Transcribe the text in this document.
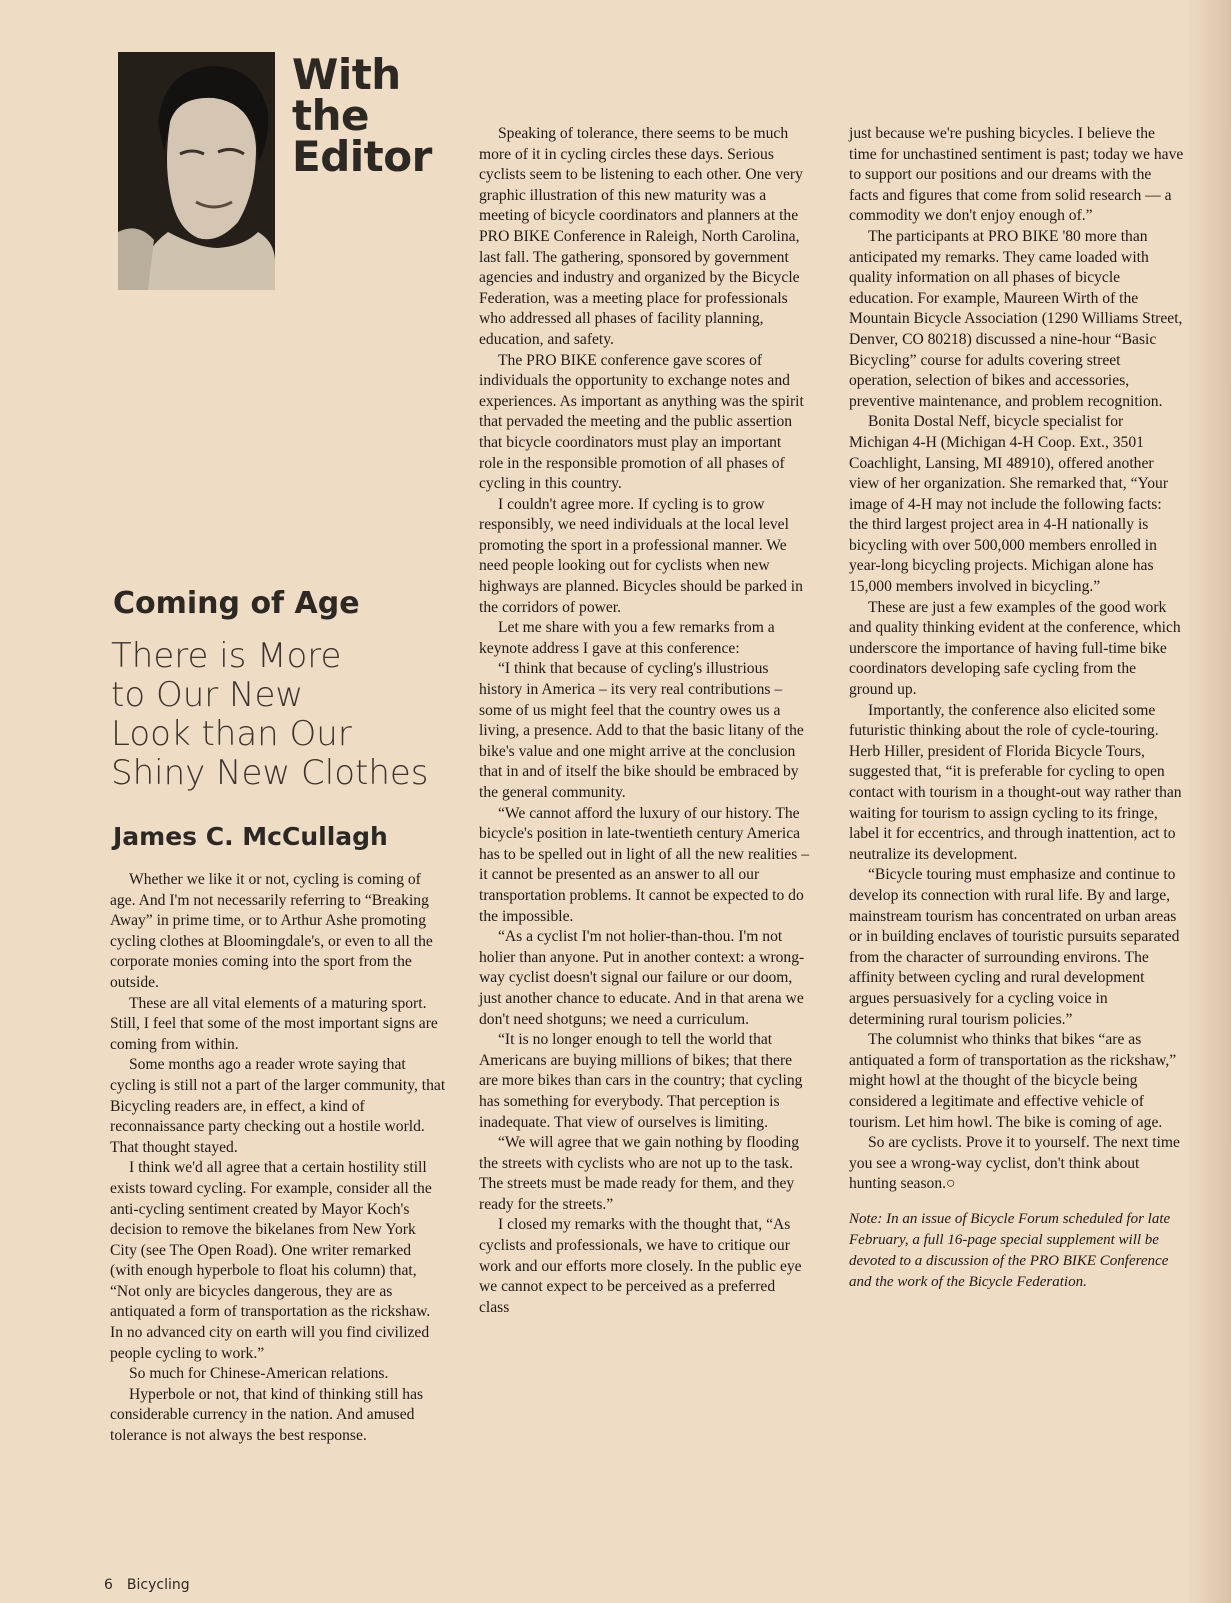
With
the
Editor
Coming of Age
There is More
to Our New
Look than Our
Shiny New Clothes
James C. McCullagh

Whether we like it or not, cycling is coming of age. And I'm not necessarily referring to “Breaking Away” in prime time, or to Arthur Ashe promoting cycling clothes at Bloomingdale's, or even to all the corporate monies coming into the sport from the outside.

These are all vital elements of a maturing sport. Still, I feel that some of the most important signs are coming from within.

Some months ago a reader wrote saying that cycling is still not a part of the larger community, that Bicycling readers are, in effect, a kind of reconnaissance party checking out a hostile world. That thought stayed.

I think we'd all agree that a certain hostility still exists toward cycling. For example, consider all the anti-cycling sentiment created by Mayor Koch's decision to remove the bikelanes from New York City (see The Open Road). One writer remarked (with enough hyperbole to float his column) that, “Not only are bicycles dangerous, they are as antiquated a form of transportation as the rickshaw. In no advanced city on earth will you find civilized people cycling to work.”

So much for Chinese-American relations.

Hyperbole or not, that kind of thinking still has considerable currency in the nation. And amused tolerance is not always the best response.

Speaking of tolerance, there seems to be much more of it in cycling circles these days. Serious cyclists seem to be listening to each other. One very graphic illustration of this new maturity was a meeting of bicycle coordinators and planners at the PRO BIKE Conference in Raleigh, North Carolina, last fall. The gathering, sponsored by government agencies and industry and organized by the Bicycle Federation, was a meeting place for professionals who addressed all phases of facility planning, education, and safety.

The PRO BIKE conference gave scores of individuals the opportunity to exchange notes and experiences. As important as anything was the spirit that pervaded the meeting and the public assertion that bicycle coordinators must play an important role in the responsible promotion of all phases of cycling in this country.

I couldn't agree more. If cycling is to grow responsibly, we need individuals at the local level promoting the sport in a professional manner. We need people looking out for cyclists when new highways are planned. Bicycles should be parked in the corridors of power.

Let me share with you a few remarks from a keynote address I gave at this conference:

“I think that because of cycling's illustrious history in America – its very real contributions – some of us might feel that the country owes us a living, a presence. Add to that the basic litany of the bike's value and one might arrive at the conclusion that in and of itself the bike should be embraced by the general community.

“We cannot afford the luxury of our history. The bicycle's position in late-twentieth century America has to be spelled out in light of all the new realities – it cannot be presented as an answer to all our transportation problems. It cannot be expected to do the impossible.

“As a cyclist I'm not holier-than-thou. I'm not holier than anyone. Put in another context: a wrong-way cyclist doesn't signal our failure or our doom, just another chance to educate. And in that arena we don't need shotguns; we need a curriculum.

“It is no longer enough to tell the world that Americans are buying millions of bikes; that there are more bikes than cars in the country; that cycling has something for everybody. That perception is inadequate. That view of ourselves is limiting.

“We will agree that we gain nothing by flooding the streets with cyclists who are not up to the task. The streets must be made ready for them, and they ready for the streets.”

I closed my remarks with the thought that, “As cyclists and professionals, we have to critique our work and our efforts more closely. In the public eye we cannot expect to be perceived as a preferred class

just because we're pushing bicycles. I believe the time for unchastined sentiment is past; today we have to support our positions and our dreams with the facts and figures that come from solid research — a commodity we don't enjoy enough of.”

The participants at PRO BIKE '80 more than anticipated my remarks. They came loaded with quality information on all phases of bicycle education. For example, Maureen Wirth of the Mountain Bicycle Association (1290 Williams Street, Denver, CO 80218) discussed a nine-hour “Basic Bicycling” course for adults covering street operation, selection of bikes and accessories, preventive maintenance, and problem recognition.

Bonita Dostal Neff, bicycle specialist for Michigan 4-H (Michigan 4-H Coop. Ext., 3501 Coachlight, Lansing, MI 48910), offered another view of her organization. She remarked that, “Your image of 4-H may not include the following facts: the third largest project area in 4-H nationally is bicycling with over 500,000 members enrolled in year-long bicycling projects. Michigan alone has 15,000 members involved in bicycling.”

These are just a few examples of the good work and quality thinking evident at the conference, which underscore the importance of having full-time bike coordinators developing safe cycling from the ground up.

Importantly, the conference also elicited some futuristic thinking about the role of cycle-touring. Herb Hiller, president of Florida Bicycle Tours, suggested that, “it is preferable for cycling to open contact with tourism in a thought-out way rather than waiting for tourism to assign cycling to its fringe, label it for eccentrics, and through inattention, act to neutralize its development.

“Bicycle touring must emphasize and continue to develop its connection with rural life. By and large, mainstream tourism has concentrated on urban areas or in building enclaves of touristic pursuits separated from the character of surrounding environs. The affinity between cycling and rural development argues persuasively for a cycling voice in determining rural tourism policies.”

The columnist who thinks that bikes “are as antiquated a form of transportation as the rickshaw,” might howl at the thought of the bicycle being considered a legitimate and effective vehicle of tourism. Let him howl. The bike is coming of age.

So are cyclists. Prove it to yourself. The next time you see a wrong-way cyclist, don't think about hunting season.○

Note: In an issue of Bicycle Forum scheduled for late February, a full 16-page special supplement will be devoted to a discussion of the PRO BIKE Conference and the work of the Bicycle Federation.

6 Bicycling
